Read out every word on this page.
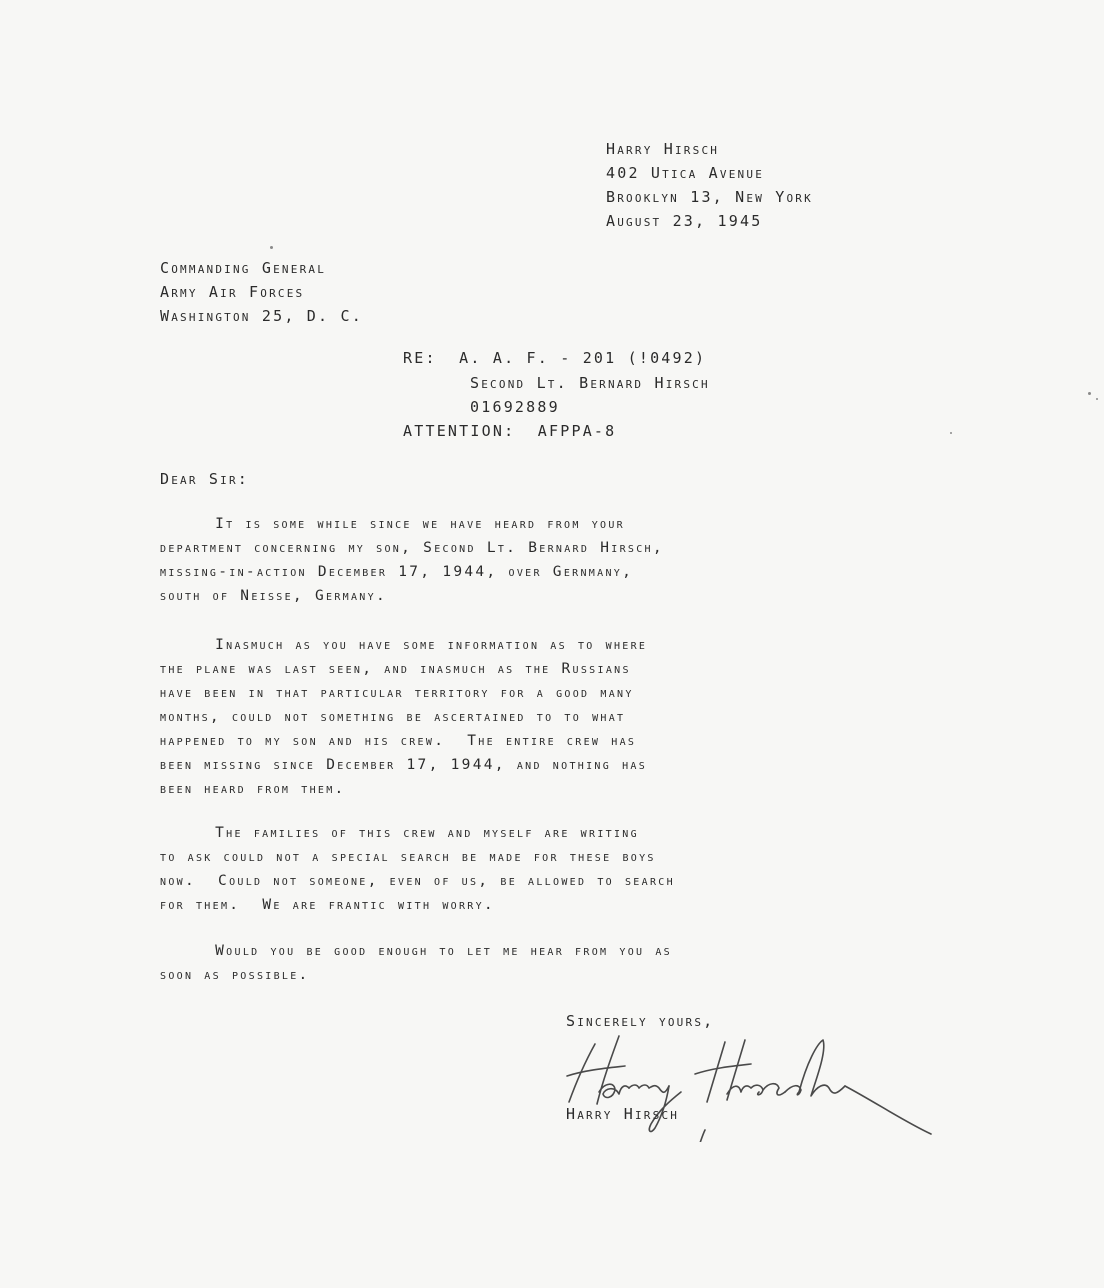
Harry Hirsch

402 Utica Avenue

Brooklyn 13, New York

August 23, 1945

Commanding General

Army Air Forces

Washington 25, D. C.

RE:  A. A. F. - 201 (!0492)

Second Lt. Bernard Hirsch

01692889

ATTENTION:  AFPPA-8

Dear Sir:

It is some while since we have heard from your

department concerning my son, Second Lt. Bernard Hirsch,

missing-in-action December 17, 1944, over Gernmany,

south of Neisse, Germany.

Inasmuch as you have some information as to where

the plane was last seen, and inasmuch as the Russians

have been in that particular territory for a good many

months, could not something be ascertained to to what

happened to my son and his crew.  The entire crew has

been missing since December 17, 1944, and nothing has

been heard from them.

The families of this crew and myself are writing

to ask could not a special search be made for these boys

now.  Could not someone, even of us, be allowed to search

for them.  We are frantic with worry.

Would you be good enough to let me hear from you as

soon as possible.

Sincerely yours,

Harry Hirsch
